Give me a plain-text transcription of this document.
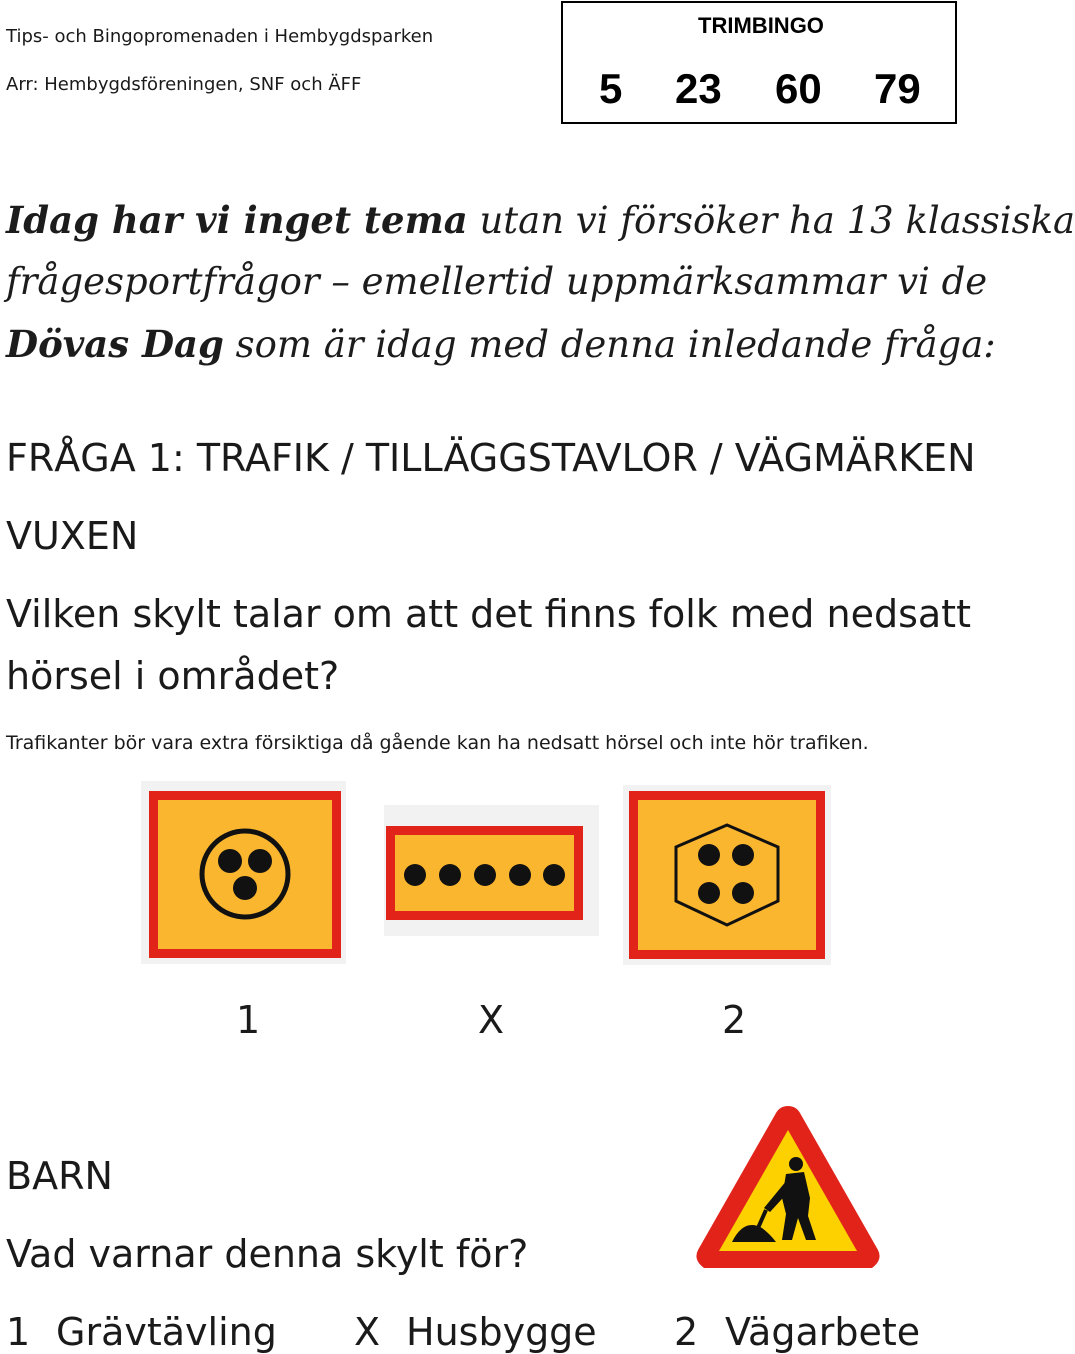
Tips- och Bingopromenaden i Hembygdsparken
Arr: Hembygdsföreningen, SNF och ÄFF
TRIMBINGO
5 23 60 79
Idag har vi inget tema utan vi försöker ha 13 klassiska
frågesportfrågor – emellertid uppmärksammar vi de
Dövas Dag som är idag med denna inledande fråga:
FRÅGA 1: TRAFIK / TILLÄGGSTAVLOR / VÄGMÄRKEN
VUXEN
Vilken skylt talar om att det finns folk med nedsatt
hörsel i området?
Trafikanter bör vara extra försiktiga då gående kan ha nedsatt hörsel och inte hör trafiken.
1	X	2
BARN
Vad varnar denna skylt för?
1 Grävtävling X Husbygge 2 Vägarbete
